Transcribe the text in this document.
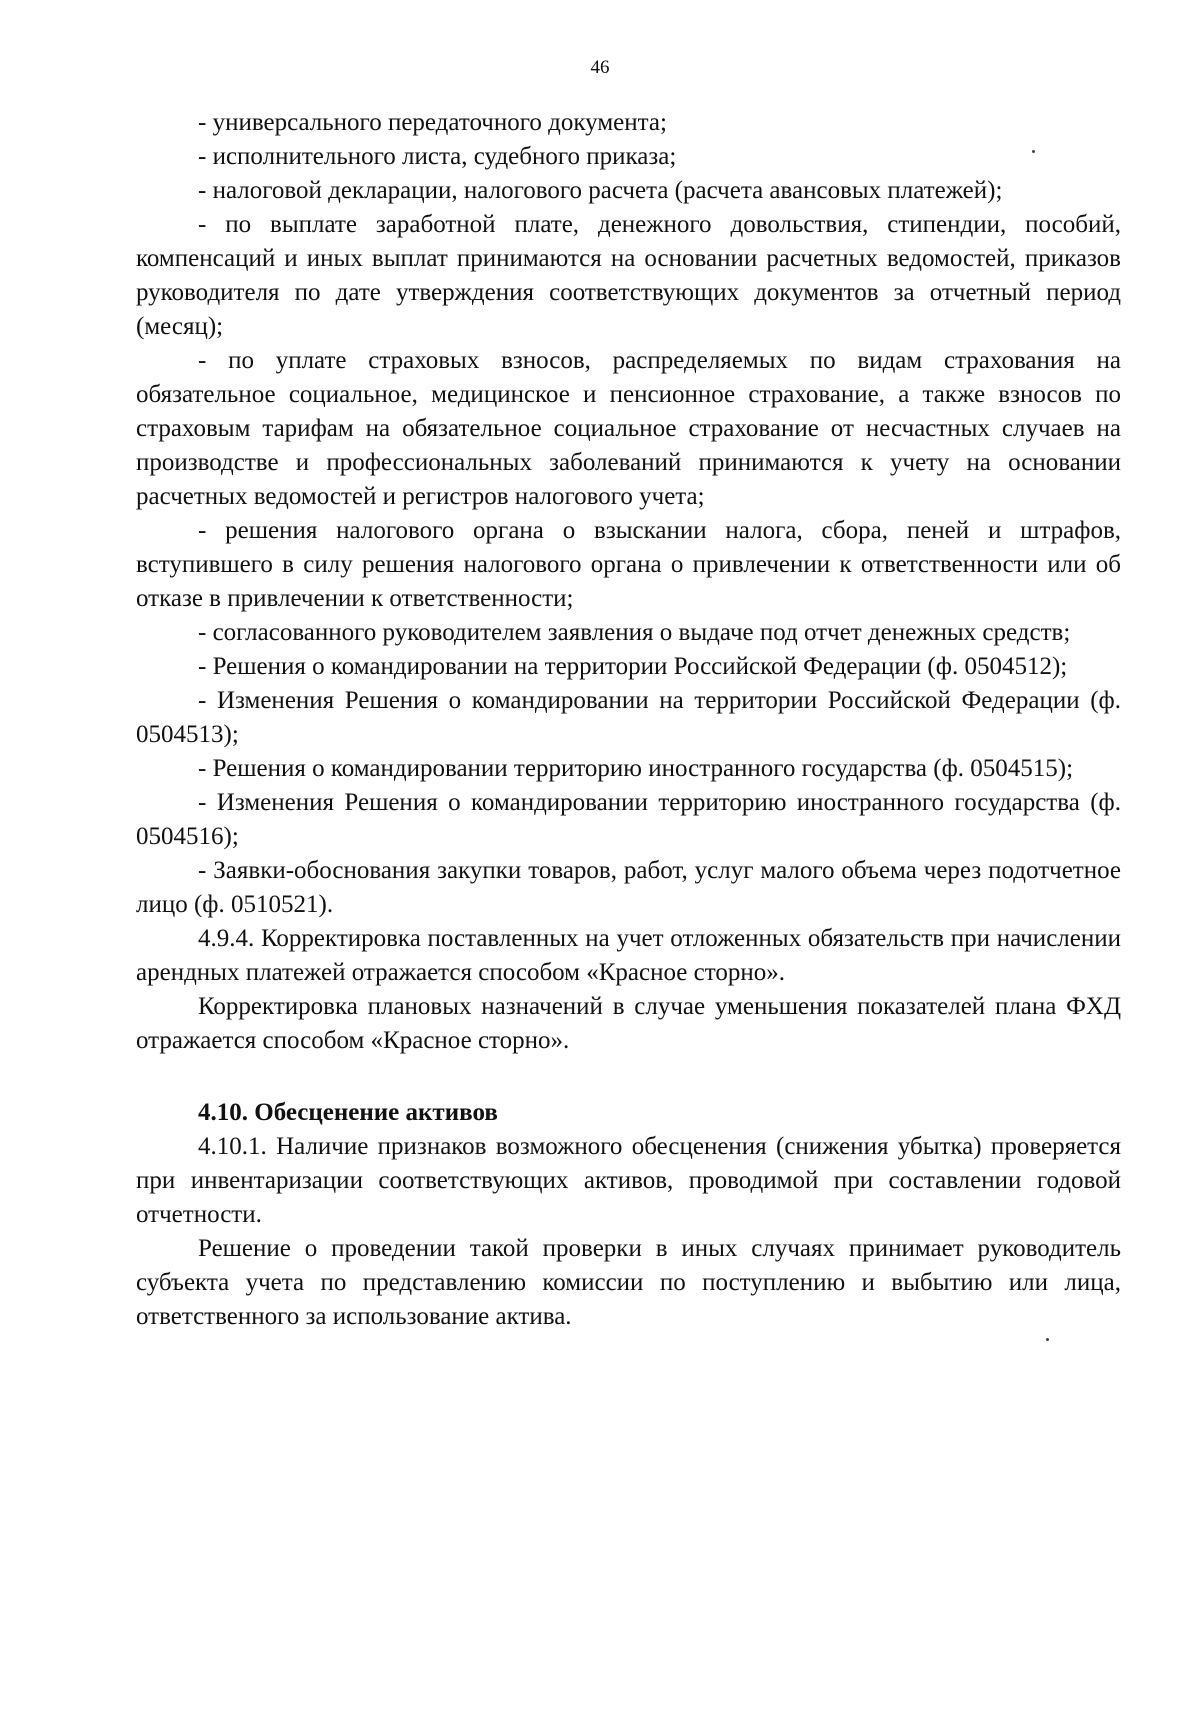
46

- универсального передаточного документа;

- исполнительного листа, судебного приказа;

- налоговой декларации, налогового расчета (расчета авансовых платежей);

- по выплате заработной плате, денежного довольствия, стипендии, пособий, компенсаций и иных выплат принимаются на основании расчетных ведомостей, приказов руководителя по дате утверждения соответствующих документов за отчетный период (месяц);

- по уплате страховых взносов, распределяемых по видам страхования на обязательное социальное, медицинское и пенсионное страхование, а также взносов по страховым тарифам на обязательное социальное страхование от несчастных случаев на производстве и профессиональных заболеваний принимаются к учету на основании расчетных ведомостей и регистров налогового учета;

- решения налогового органа о взыскании налога, сбора, пеней и штрафов, вступившего в силу решения налогового органа о привлечении к ответственности или об отказе в привлечении к ответственности;

- согласованного руководителем заявления о выдаче под отчет денежных средств;

- Решения о командировании на территории Российской Федерации (ф. 0504512);

- Изменения Решения о командировании на территории Российской Федерации (ф. 0504513);

- Решения о командировании территорию иностранного государства (ф. 0504515);

- Изменения Решения о командировании территорию иностранного государства (ф. 0504516);

- Заявки-обоснования закупки товаров, работ, услуг малого объема через подотчетное лицо (ф. 0510521).

4.9.4. Корректировка поставленных на учет отложенных обязательств при начислении арендных платежей отражается способом «Красное сторно».

Корректировка плановых назначений в случае уменьшения показателей плана ФХД отражается способом «Красное сторно».

4.10. Обесценение активов

4.10.1. Наличие признаков возможного обесценения (снижения убытка) проверяется при инвентаризации соответствующих активов, проводимой при составлении годовой отчетности.

Решение о проведении такой проверки в иных случаях принимает руководитель субъекта учета по представлению комиссии по поступлению и выбытию или лица, ответственного за использование актива.
